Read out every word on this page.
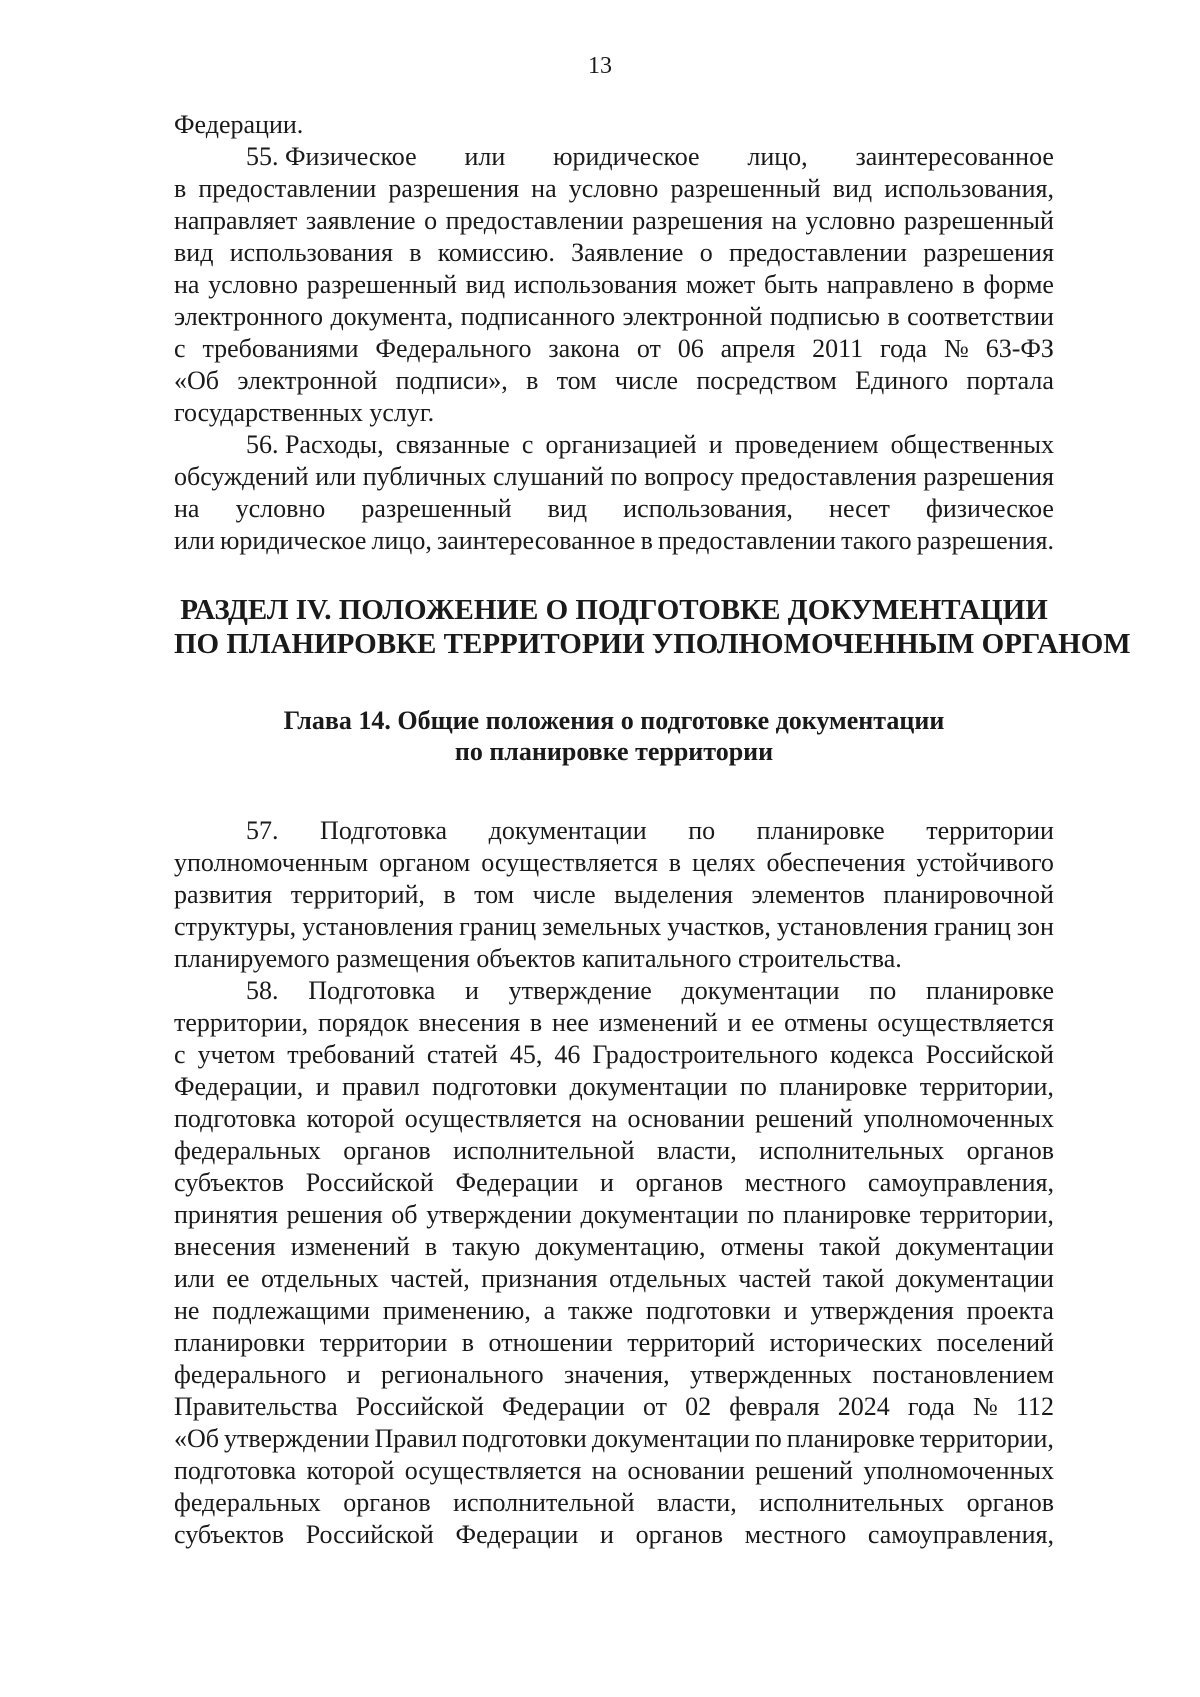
13
Федерации.
55. Физическое или юридическое лицо, заинтересованное
в предоставлении разрешения на условно разрешенный вид использования,
направляет заявление о предоставлении разрешения на условно разрешенный
вид использования в комиссию. Заявление о предоставлении разрешения
на условно разрешенный вид использования может быть направлено в форме
электронного документа, подписанного электронной подписью в соответствии
с требованиями Федерального закона от 06 апреля 2011 года № 63-ФЗ
«Об электронной подписи», в том числе посредством Единого портала
государственных услуг.
56. Расходы, связанные с организацией и проведением общественных
обсуждений или публичных слушаний по вопросу предоставления разрешения
на условно разрешенный вид использования, несет физическое
или юридическое лицо, заинтересованное в предоставлении такого разрешения.
РАЗДЕЛ IV. ПОЛОЖЕНИЕ О ПОДГОТОВКЕ ДОКУМЕНТАЦИИ
ПО ПЛАНИРОВКЕ ТЕРРИТОРИИ УПОЛНОМОЧЕННЫМ ОРГАНОМ
Глава 14. Общие положения о подготовке документации
по планировке территории
57. Подготовка документации по планировке территории
уполномоченным органом осуществляется в целях обеспечения устойчивого
развития территорий, в том числе выделения элементов планировочной
структуры, установления границ земельных участков, установления границ зон
планируемого размещения объектов капитального строительства.
58. Подготовка и утверждение документации по планировке
территории, порядок внесения в нее изменений и ее отмены осуществляется
с учетом требований статей 45, 46 Градостроительного кодекса Российской
Федерации, и правил подготовки документации по планировке территории,
подготовка которой осуществляется на основании решений уполномоченных
федеральных органов исполнительной власти, исполнительных органов
субъектов Российской Федерации и органов местного самоуправления,
принятия решения об утверждении документации по планировке территории,
внесения изменений в такую документацию, отмены такой документации
или ее отдельных частей, признания отдельных частей такой документации
не подлежащими применению, а также подготовки и утверждения проекта
планировки территории в отношении территорий исторических поселений
федерального и регионального значения, утвержденных постановлением
Правительства Российской Федерации от 02 февраля 2024 года № 112
«Об утверждении Правил подготовки документации по планировке территории,
подготовка которой осуществляется на основании решений уполномоченных
федеральных органов исполнительной власти, исполнительных органов
субъектов Российской Федерации и органов местного самоуправления,
